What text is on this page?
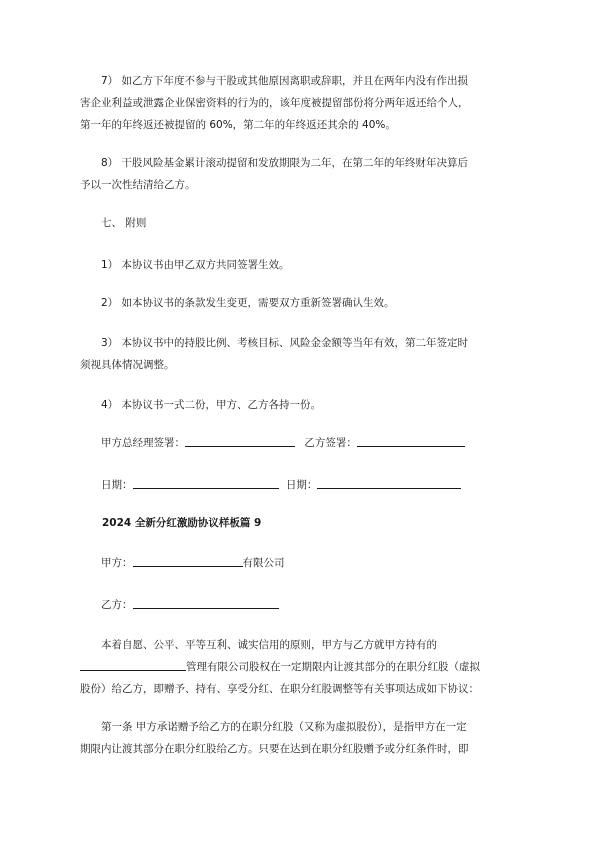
7） 如乙方下年度不参与干股或其他原因离职或辞职，并且在两年内没有作出损

害企业利益或泄露企业保密资料的行为的，该年度被提留部份将分两年返还给个人，

第一年的年终返还被提留的 60%，第二年的年终返还其余的 40%。

8） 干股风险基金累计滚动提留和发放期限为二年，在第二年的年终财年决算后

予以一次性结清给乙方。

七、 附则

1） 本协议书由甲乙双方共同签署生效。

2） 如本协议书的条款发生变更，需要双方重新签署确认生效。

3） 本协议书中的持股比例、考核目标、风险金金额等当年有效，第二年签定时

须视具体情况调整。

4） 本协议书一式二份，甲方、乙方各持一份。

甲方总经理签署：	乙方签署：

日期：	日期：

2024 全新分红激励协议样板篇 9

甲方：	有限公司

乙方：

本着自愿、公平、平等互利、诚实信用的原则，甲方与乙方就甲方持有的

管理有限公司股权在一定期限内让渡其部分的在职分红股（虚拟

股份）给乙方，即赠予、持有、享受分红、在职分红股调整等有关事项达成如下协议：

第一条 甲方承诺赠予给乙方的在职分红股（又称为虚拟股份），是指甲方在一定

期限内让渡其部分在职分红股给乙方。只要在达到在职分红股赠予或分红条件时，即
